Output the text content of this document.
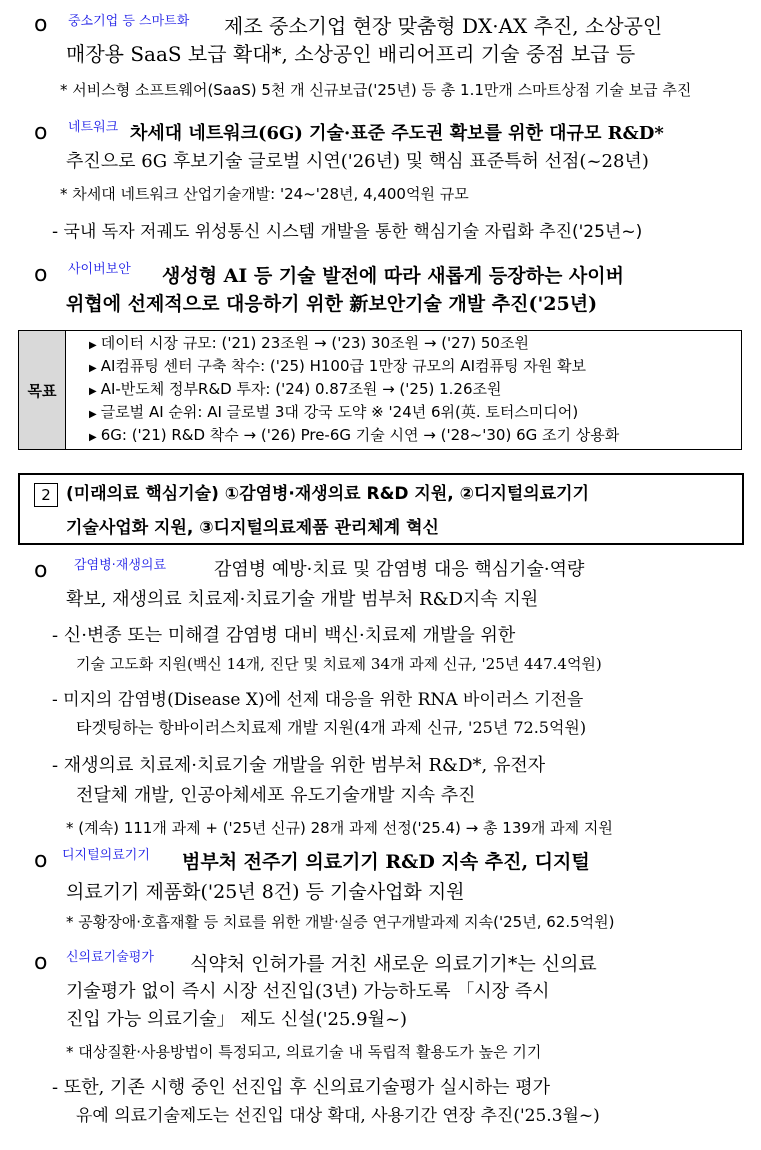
o 중소기업 등 스마트화 제조 중소기업 현장 맞춤형 DX·AX 추진, 소상공인
매장용 SaaS 보급 확대*, 소상공인 배리어프리 기술 중점 보급 등
* 서비스형 소프트웨어(SaaS) 5천 개 신규보급('25년) 등 총 1.1만개 스마트상점 기술 보급 추진
o 네트워크 차세대 네트워크(6G) 기술·표준 주도권 확보를 위한 대규모 R&D*
추진으로 6G 후보기술 글로벌 시연('26년) 및 핵심 표준특허 선점(~28년)
* 차세대 네트워크 산업기술개발: '24~'28년, 4,400억원 규모
- 국내 독자 저궤도 위성통신 시스템 개발을 통한 핵심기술 자립화 추진('25년~)
o 사이버보안 생성형 AI 등 기술 발전에 따라 새롭게 등장하는 사이버
위협에 선제적으로 대응하기 위한 新보안기술 개발 추진('25년)
목표
▶ 데이터 시장 규모: ('21) 23조원 → ('23) 30조원 → ('27) 50조원
▶ AI컴퓨팅 센터 구축 착수: ('25) H100급 1만장 규모의 AI컴퓨팅 자원 확보
▶ AI-반도체 정부R&D 투자: ('24) 0.87조원 → ('25) 1.26조원
▶ 글로벌 AI 순위: AI 글로벌 3대 강국 도약 ※ '24년 6위(英. 토터스미디어)
▶ 6G: ('21) R&D 착수 → ('26) Pre-6G 기술 시연 → ('28~'30) 6G 조기 상용화
2 (미래의료 핵심기술) ①감염병·재생의료 R&D 지원, ②디지털의료기기
기술사업화 지원, ③디지털의료제품 관리체계 혁신
o 감염병·재생의료	감염병 예방·치료 및 감염병 대응 핵심기술·역량
확보, 재생의료 치료제·치료기술 개발 범부처 R&D지속 지원
- 신·변종 또는 미해결 감염병 대비 백신·치료제 개발을 위한
기술 고도화 지원(백신 14개, 진단 및 치료제 34개 과제 신규, '25년 447.4억원)
- 미지의 감염병(Disease X)에 선제 대응을 위한 RNA 바이러스 기전을
타겟팅하는 항바이러스치료제 개발 지원(4개 과제 신규, '25년 72.5억원)
- 재생의료 치료제·치료기술 개발을 위한 범부처 R&D*, 유전자
전달체 개발, 인공아체세포 유도기술개발 지속 추진
* (계속) 111개 과제 + ('25년 신규) 28개 과제 선정('25.4) → 총 139개 과제 지원
o 디지털의료기기 범부처 전주기 의료기기 R&D 지속 추진, 디지털
의료기기 제품화('25년 8건) 등 기술사업화 지원
* 공황장애·호흡재활 등 치료를 위한 개발·실증 연구개발과제 지속('25년, 62.5억원)
o 신의료기술평가 식약처 인허가를 거친 새로운 의료기기*는 신의료
기술평가 없이 즉시 시장 선진입(3년) 가능하도록 「시장 즉시
진입 가능 의료기술」 제도 신설('25.9월~)
* 대상질환·사용방법이 특정되고, 의료기술 내 독립적 활용도가 높은 기기
- 또한, 기존 시행 중인 선진입 후 신의료기술평가 실시하는 평가
유예 의료기술제도는 선진입 대상 확대, 사용기간 연장 추진('25.3월~)
